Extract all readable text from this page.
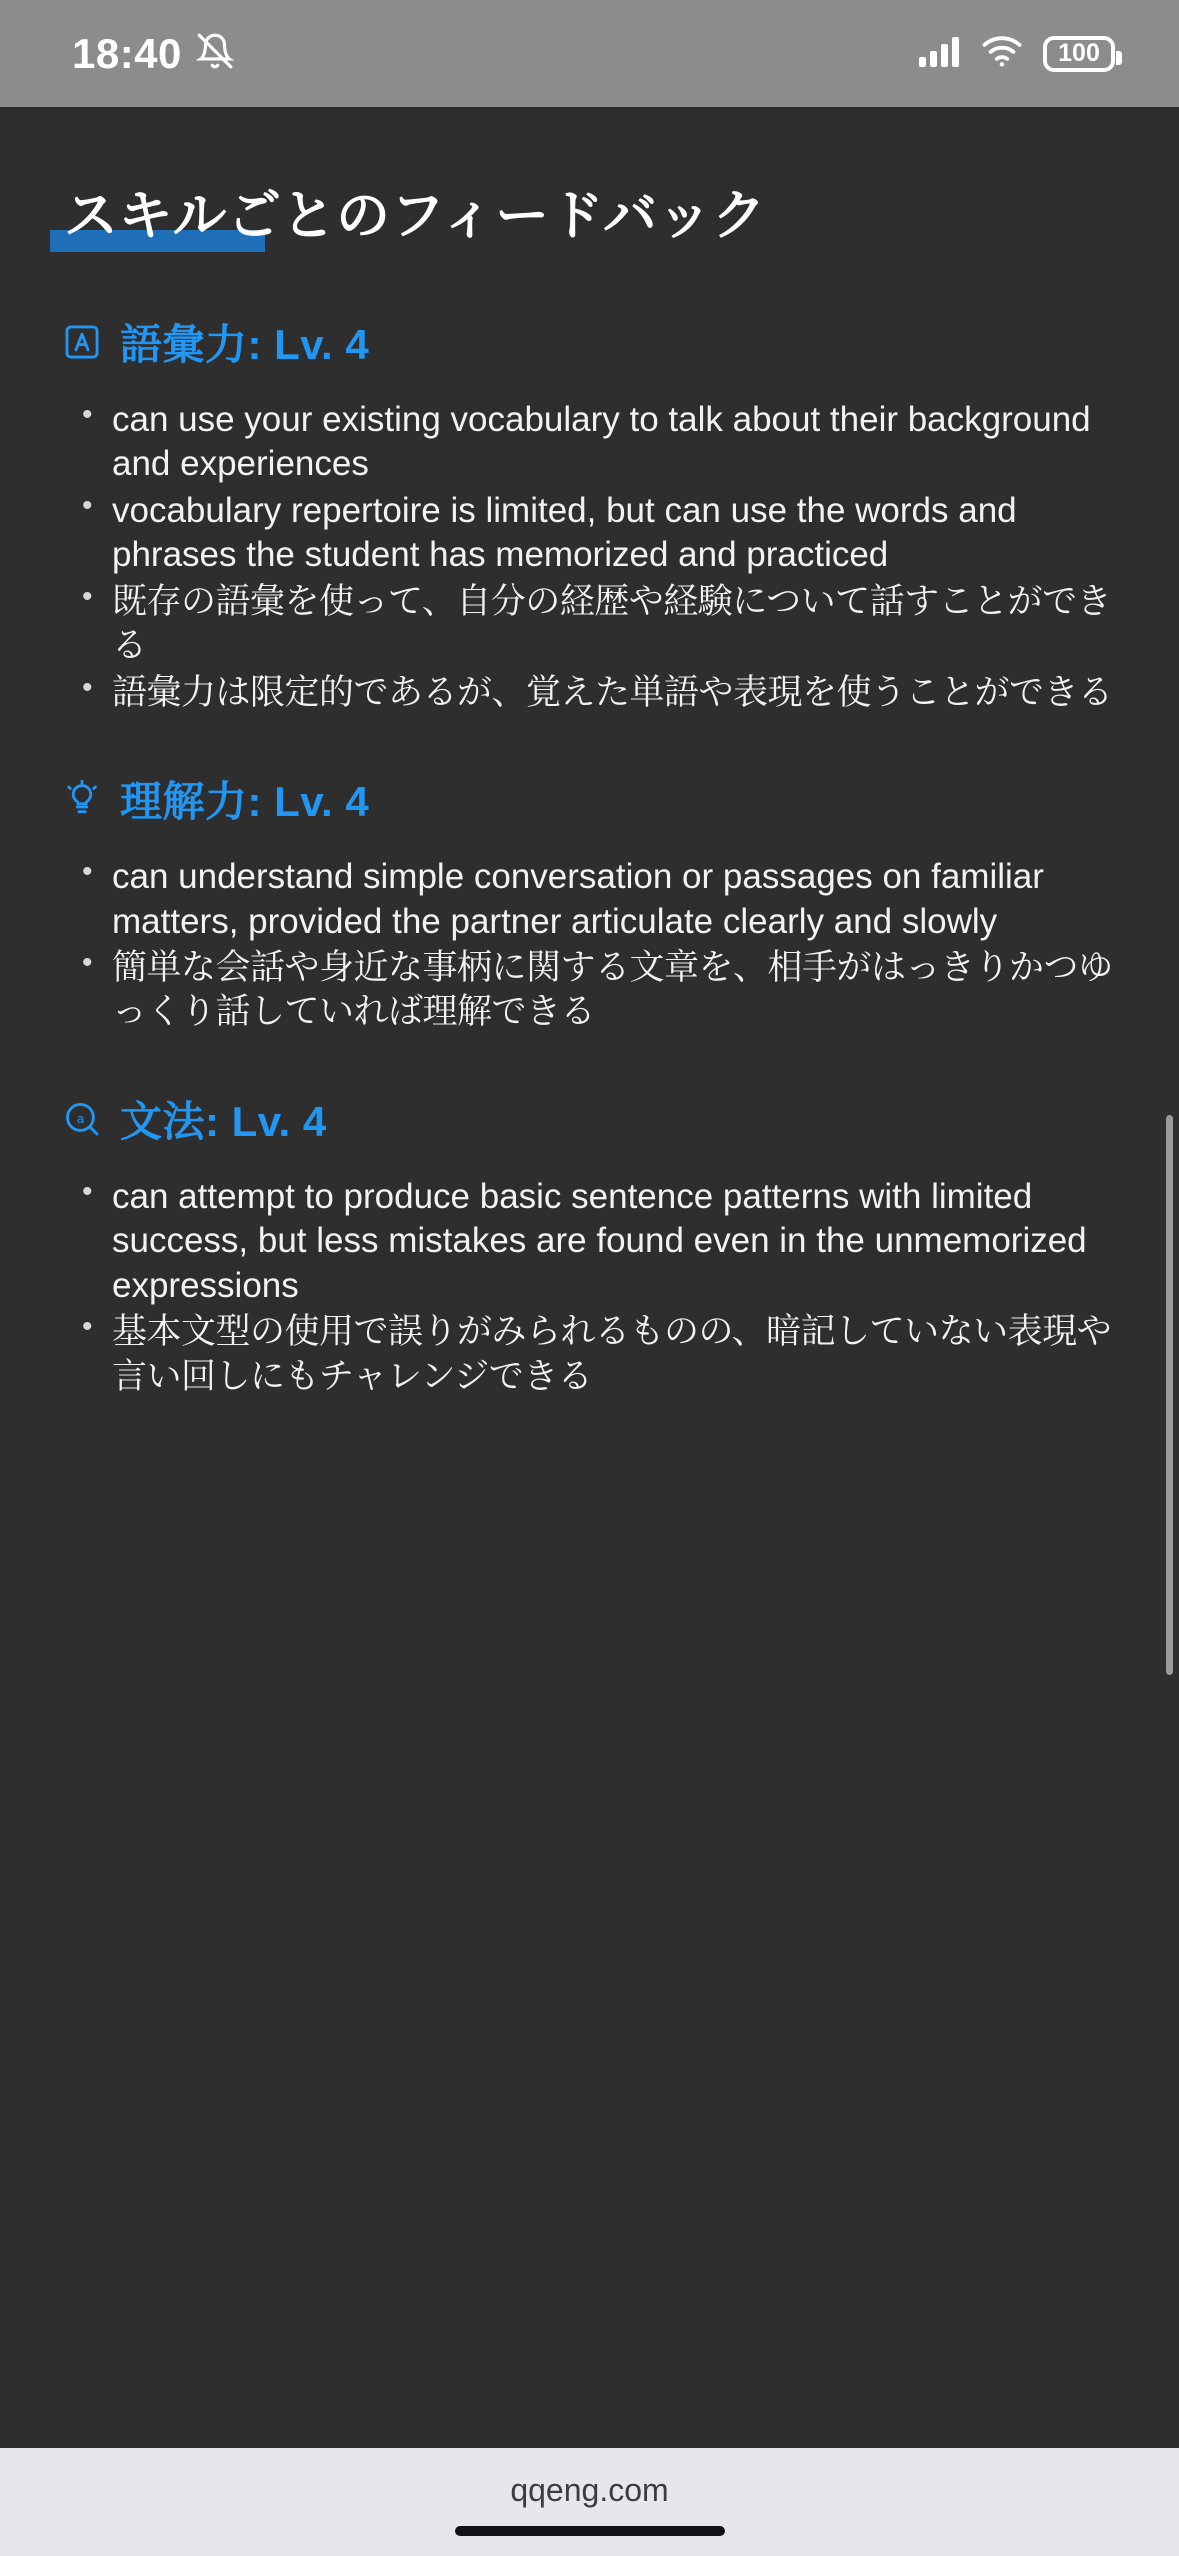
18:40	100
スキルごとのフィードバック
語彙力: Lv. 4
• can use your existing vocabulary to talk about their background and experiences
• vocabulary repertoire is limited, but can use the words and phrases the student has memorized and practiced
• 既存の語彙を使って、自分の経歴や経験について話すことができる
• 語彙力は限定的であるが、覚えた単語や表現を使うことができる
理解力: Lv. 4
• can understand simple conversation or passages on familiar matters, provided the partner articulate clearly and slowly
• 簡単な会話や身近な事柄に関する文章を、相手がはっきりかつゆっくり話していれば理解できる
a 文法: Lv. 4
• can attempt to produce basic sentence patterns with limited success, but less mistakes are found even in the unmemorized expressions
• 基本文型の使用で誤りがみられるものの、暗記していない表現や言い回しにもチャレンジできる
qqeng.com
